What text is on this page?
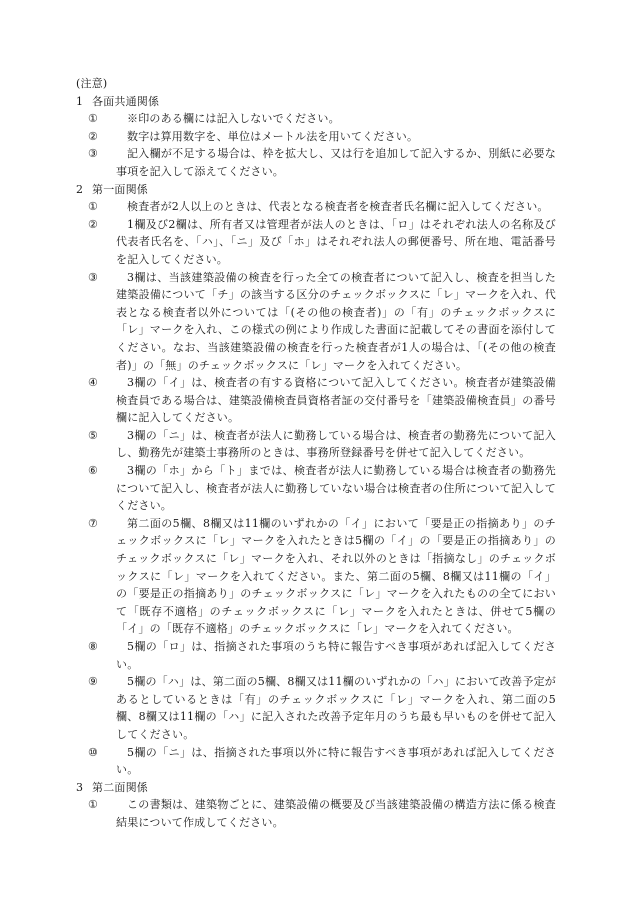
(注意)

1 各面共通関係

①	※印のある欄には記入しないでください。
②	数字は算用数字を、単位はメートル法を用いてください。
③	記入欄が不足する場合は、枠を拡大し、又は行を追加して記入するか、別紙に必要な事項を記入して添えてください。

2 第一面関係

①	検査者が2人以上のときは、代表となる検査者を検査者氏名欄に記入してください。
②	1欄及び2欄は、所有者又は管理者が法人のときは、「ロ」はそれぞれ法人の名称及び代表者氏名を、「ハ」、「ニ」及び「ホ」はそれぞれ法人の郵便番号、所在地、電話番号を記入してください。
③	3欄は、当該建築設備の検査を行った全ての検査者について記入し、検査を担当した建築設備について「チ」の該当する区分のチェックボックスに「レ」マークを入れ、代表となる検査者以外については「(その他の検査者)」の「有」のチェックボックスに「レ」マークを入れ、この様式の例により作成した書面に記載してその書面を添付してください。なお、当該建築設備の検査を行った検査者が1人の場合は、「(その他の検査者)」の「無」のチェックボックスに「レ」マークを入れてください。
④	3欄の「イ」は、検査者の有する資格について記入してください。検査者が建築設備検査員である場合は、建築設備検査員資格者証の交付番号を「建築設備検査員」の番号欄に記入してください。
⑤	3欄の「ニ」は、検査者が法人に勤務している場合は、検査者の勤務先について記入し、勤務先が建築士事務所のときは、事務所登録番号を併せて記入してください。
⑥	3欄の「ホ」から「ト」までは、検査者が法人に勤務している場合は検査者の勤務先について記入し、検査者が法人に勤務していない場合は検査者の住所について記入してください。
⑦	第二面の5欄、8欄又は11欄のいずれかの「イ」において「要是正の指摘あり」のチェックボックスに「レ」マークを入れたときは5欄の「イ」の「要是正の指摘あり」のチェックボックスに「レ」マークを入れ、それ以外のときは「指摘なし」のチェックボックスに「レ」マークを入れてください。また、第二面の5欄、8欄又は11欄の「イ」の「要是正の指摘あり」のチェックボックスに「レ」マークを入れたものの全てにおいて「既存不適格」のチェックボックスに「レ」マークを入れたときは、併せて5欄の「イ」の「既存不適格」のチェックボックスに「レ」マークを入れてください。
⑧	5欄の「ロ」は、指摘された事項のうち特に報告すべき事項があれば記入してください。
⑨	5欄の「ハ」は、第二面の5欄、8欄又は11欄のいずれかの「ハ」において改善予定があるとしているときは「有」のチェックボックスに「レ」マークを入れ、第二面の5欄、8欄又は11欄の「ハ」に記入された改善予定年月のうち最も早いものを併せて記入してください。
⑩	5欄の「ニ」は、指摘された事項以外に特に報告すべき事項があれば記入してください。

3 第二面関係

①	この書類は、建築物ごとに、建築設備の概要及び当該建築設備の構造方法に係る検査結果について作成してください。
